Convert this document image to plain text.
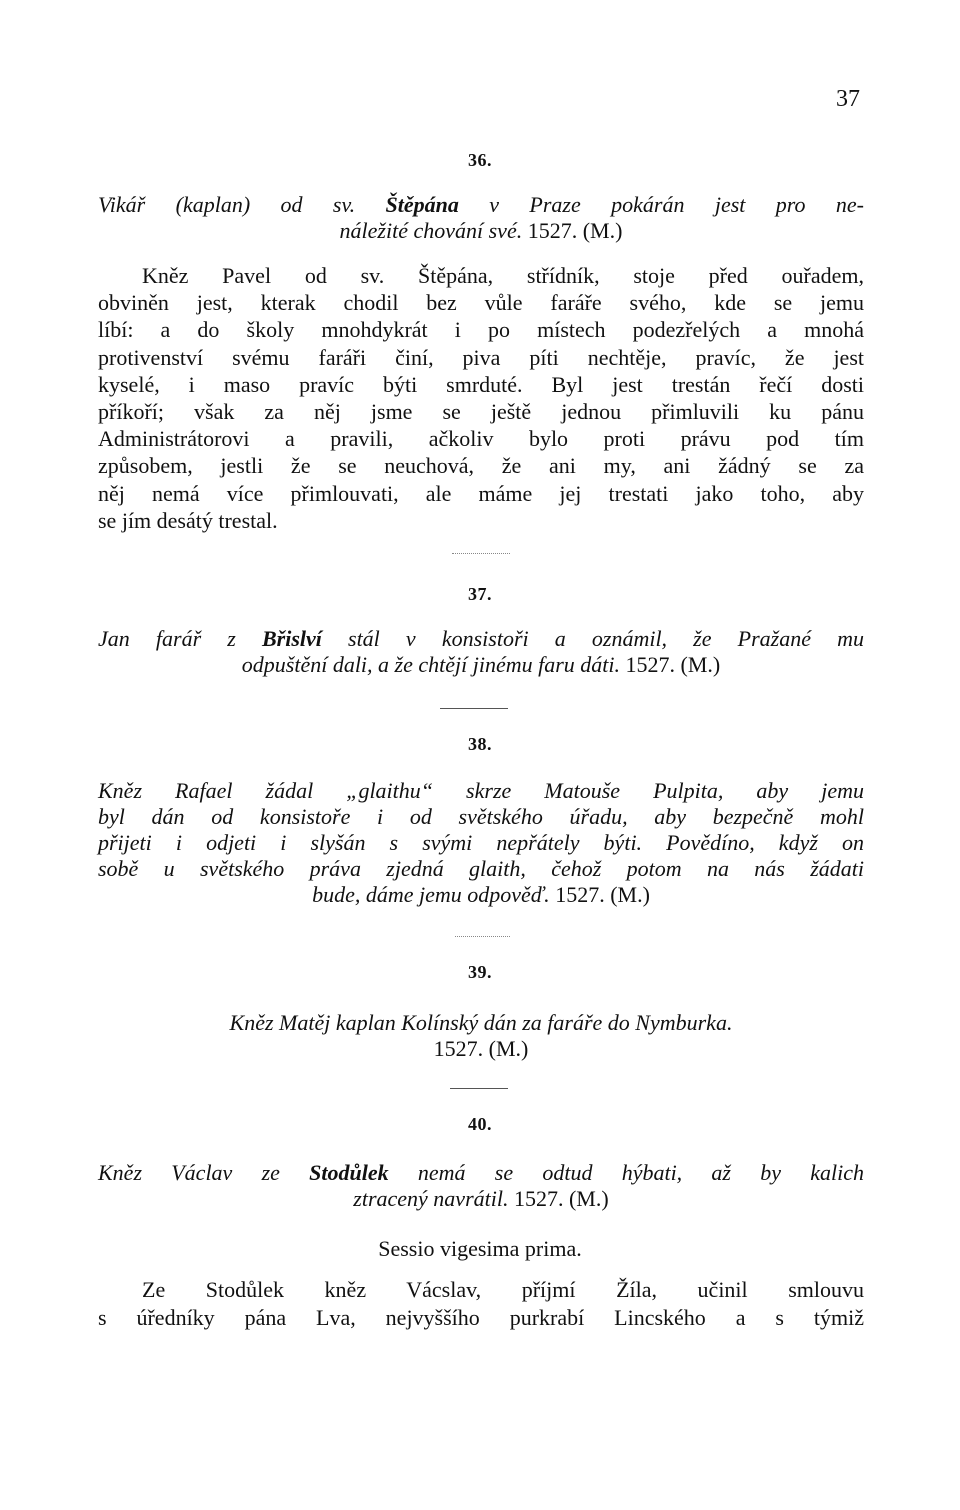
37
36.
Vikář (kaplan) od sv. Štěpána v Praze pokárán jest pro ne-
náležité chování své. 1527. (M.)
Kněz Pavel od sv. Štěpána, střídník, stoje před ouřadem,
obviněn jest, kterak chodil bez vůle faráře svého, kde se jemu
líbí: a do školy mnohdykrát i po místech podezřelých a mnohá
protivenství svému faráři činí, piva píti nechtěje, pravíc, že jest
kyselé, i maso pravíc býti smrduté. Byl jest trestán řečí dosti
příkoří; však za něj jsme se ještě jednou přimluvili ku pánu
Administrátorovi a pravili, ačkoliv bylo proti právu pod tím
způsobem, jestli že se neuchová, že ani my, ani žádný se za
něj nemá více přimlouvati, ale máme jej trestati jako toho, aby
se jím desátý trestal.
37.
Jan farář z Břislví stál v konsistoři a oznámil, že Pražané mu
odpuštění dali, a že chtějí jinému faru dáti. 1527. (M.)
38.
Kněz Rafael žádal „glaithu“ skrze Matouše Pulpita, aby jemu
byl dán od konsistoře i od světského úřadu, aby bezpečně mohl
přijeti i odjeti i slyšán s svými nepřátely býti. Povědíno, když on
sobě u světského práva zjedná glaith, čehož potom na nás žádati
bude, dáme jemu odpověď. 1527. (M.)
39.
Kněz Matěj kaplan Kolínský dán za faráře do Nymburka.
1527. (M.)
40.
Kněz Václav ze Stodůlek nemá se odtud hýbati, až by kalich
ztracený navrátil. 1527. (M.)
Sessio vigesima prima.
Ze Stodůlek kněz Vácslav, příjmí Žíla, učinil smlouvu
s úředníky pána Lva, nejvyššího purkrabí Lincského a s týmiž
